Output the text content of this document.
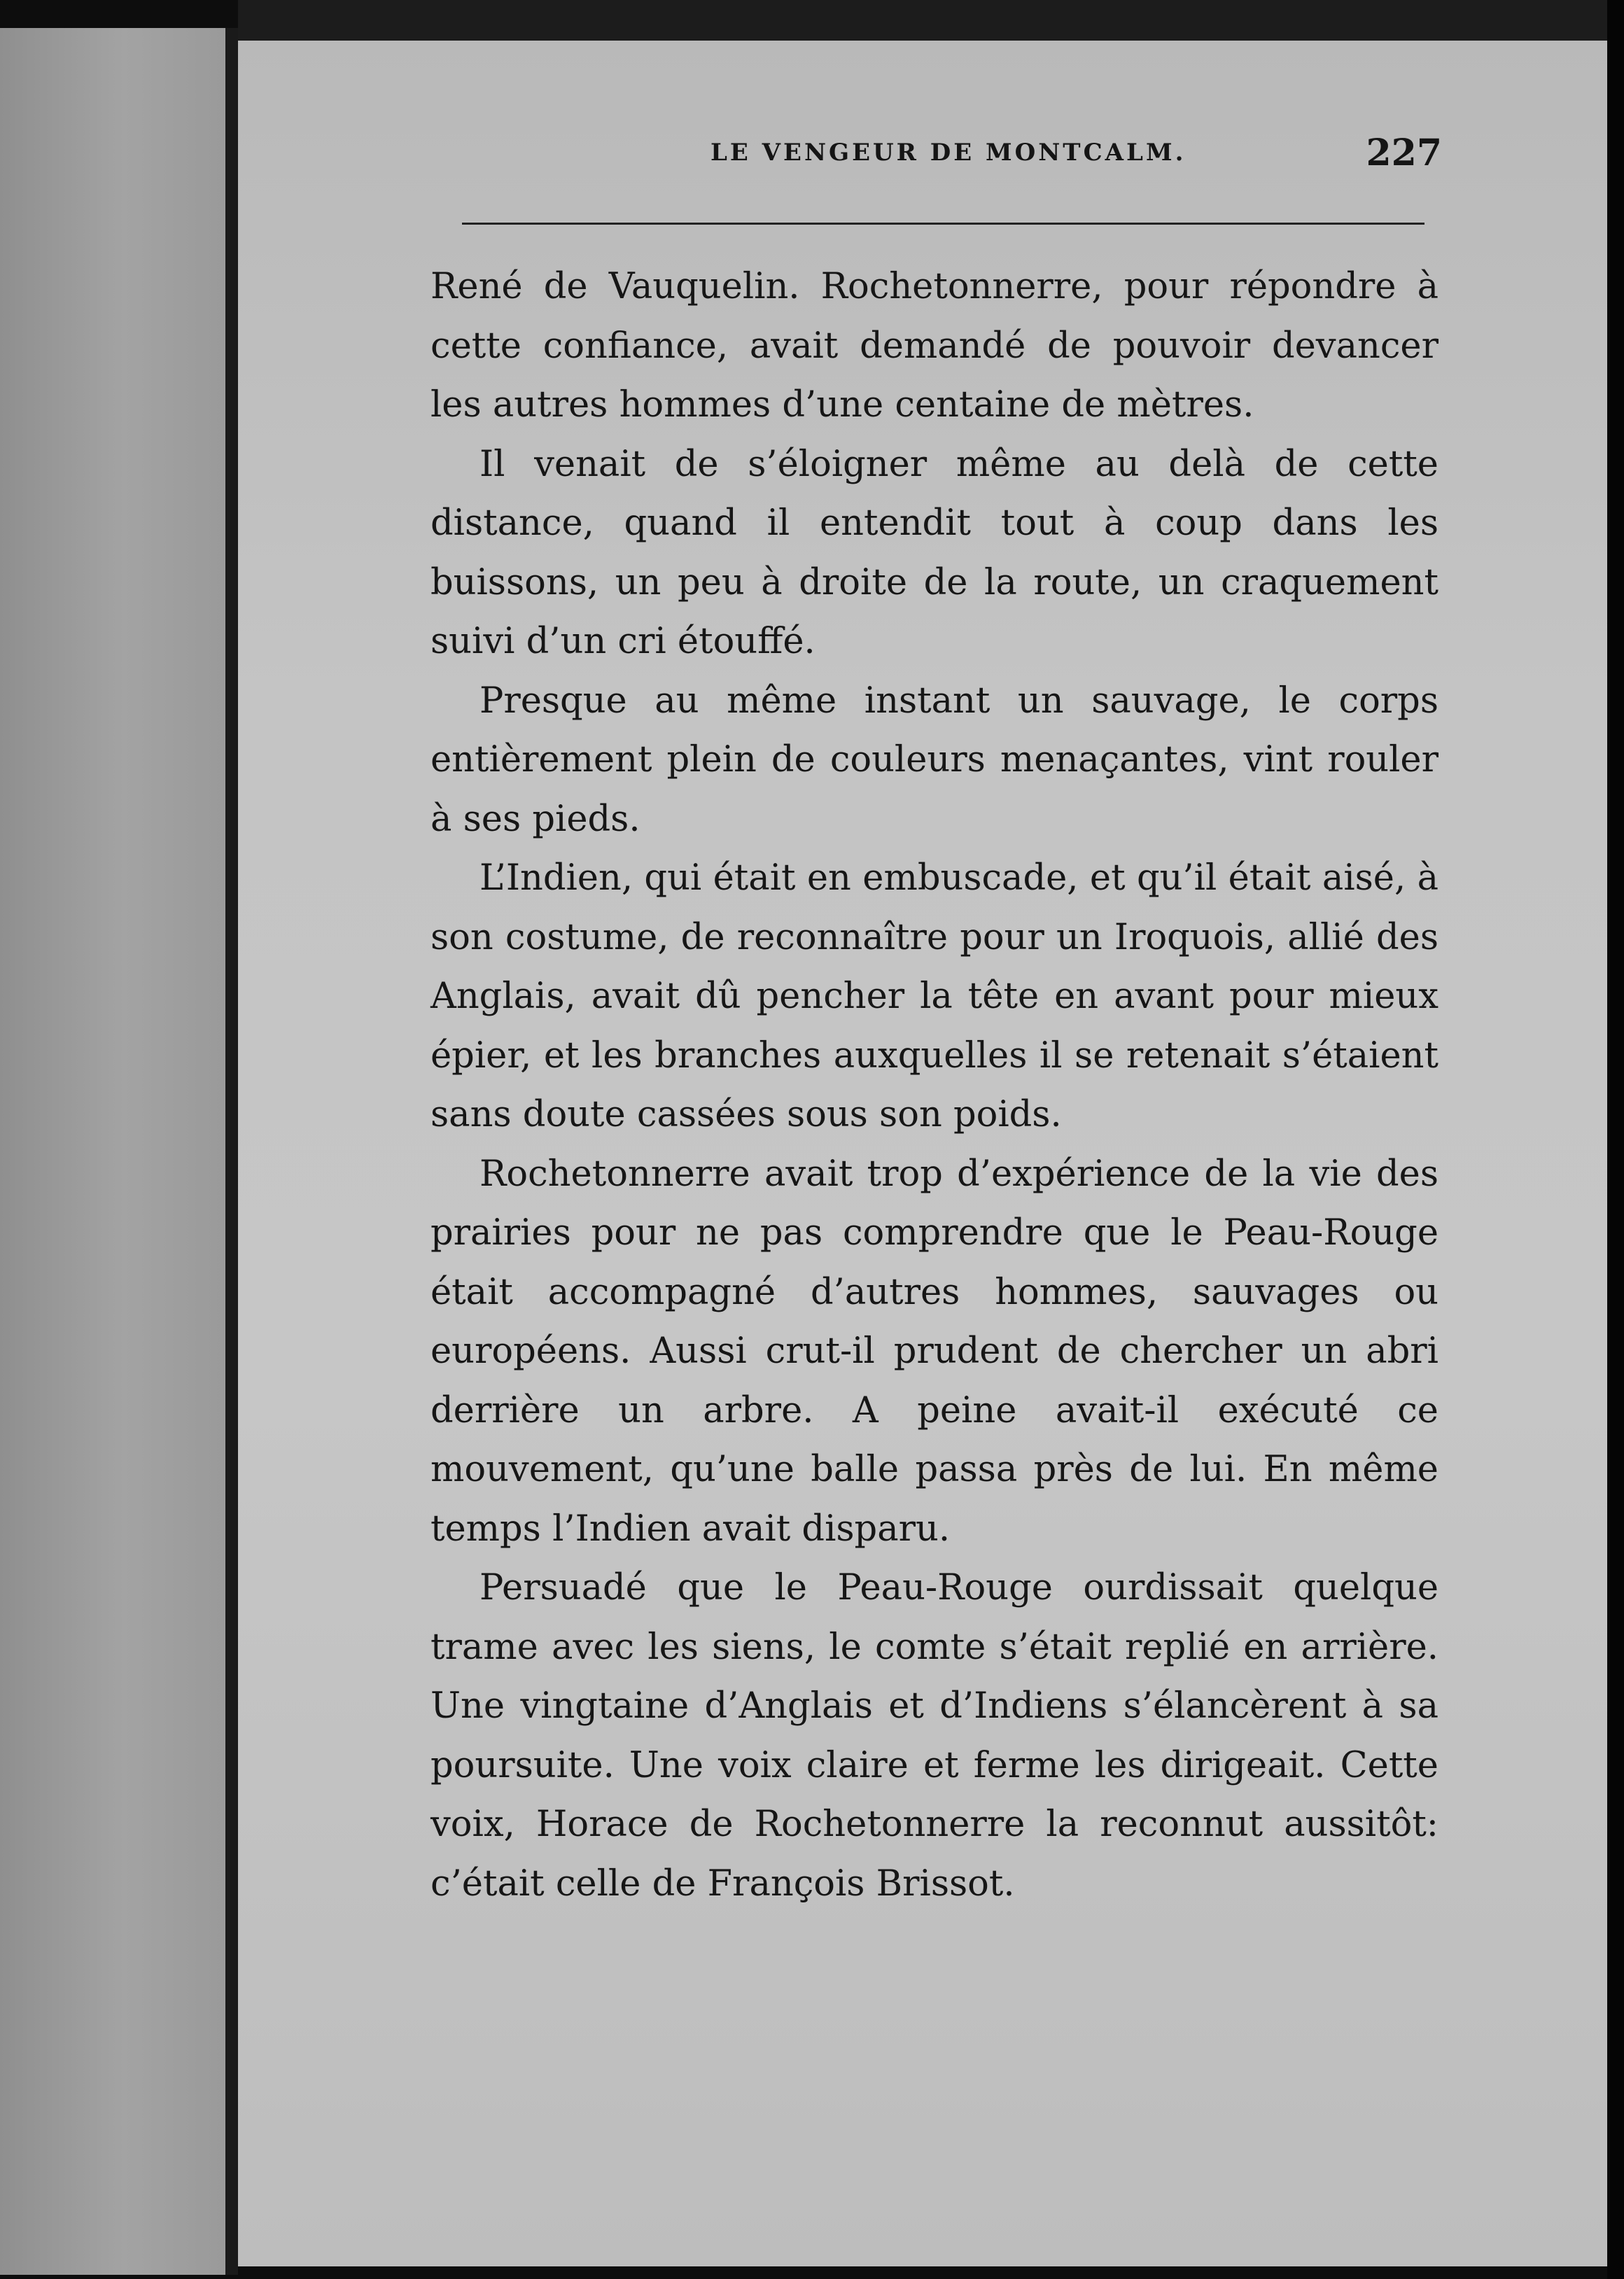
LE VENGEUR DE MONTCALM.	227

René de Vauquelin. Rochetonnerre, pour répondre à cette confiance, avait demandé de pouvoir devancer les autres hommes d’une centaine de mètres.

Il venait de s’éloigner même au delà de cette distance, quand il entendit tout à coup dans les buissons, un peu à droite de la route, un craquement suivi d’un cri étouffé.

Presque au même instant un sauvage, le corps entièrement plein de couleurs menaçantes, vint rouler à ses pieds.

L’Indien, qui était en embuscade, et qu’il était aisé, à son costume, de reconnaître pour un Iroquois, allié des Anglais, avait dû pencher la tête en avant pour mieux épier, et les branches auxquelles il se retenait s’étaient sans doute cassées sous son poids.

Rochetonnerre avait trop d’expérience de la vie des prairies pour ne pas comprendre que le Peau-Rouge était accompagné d’autres hommes, sauvages ou européens. Aussi crut-il prudent de chercher un abri derrière un arbre. A peine avait-il exécuté ce mouvement, qu’une balle passa près de lui. En même temps l’Indien avait disparu.

Persuadé que le Peau-Rouge ourdissait quelque trame avec les siens, le comte s’était replié en arrière. Une vingtaine d’Anglais et d’Indiens s’élancèrent à sa poursuite. Une voix claire et ferme les dirigeait. Cette voix, Horace de Rochetonnerre la reconnut aussitôt: c’était celle de François Brissot.
